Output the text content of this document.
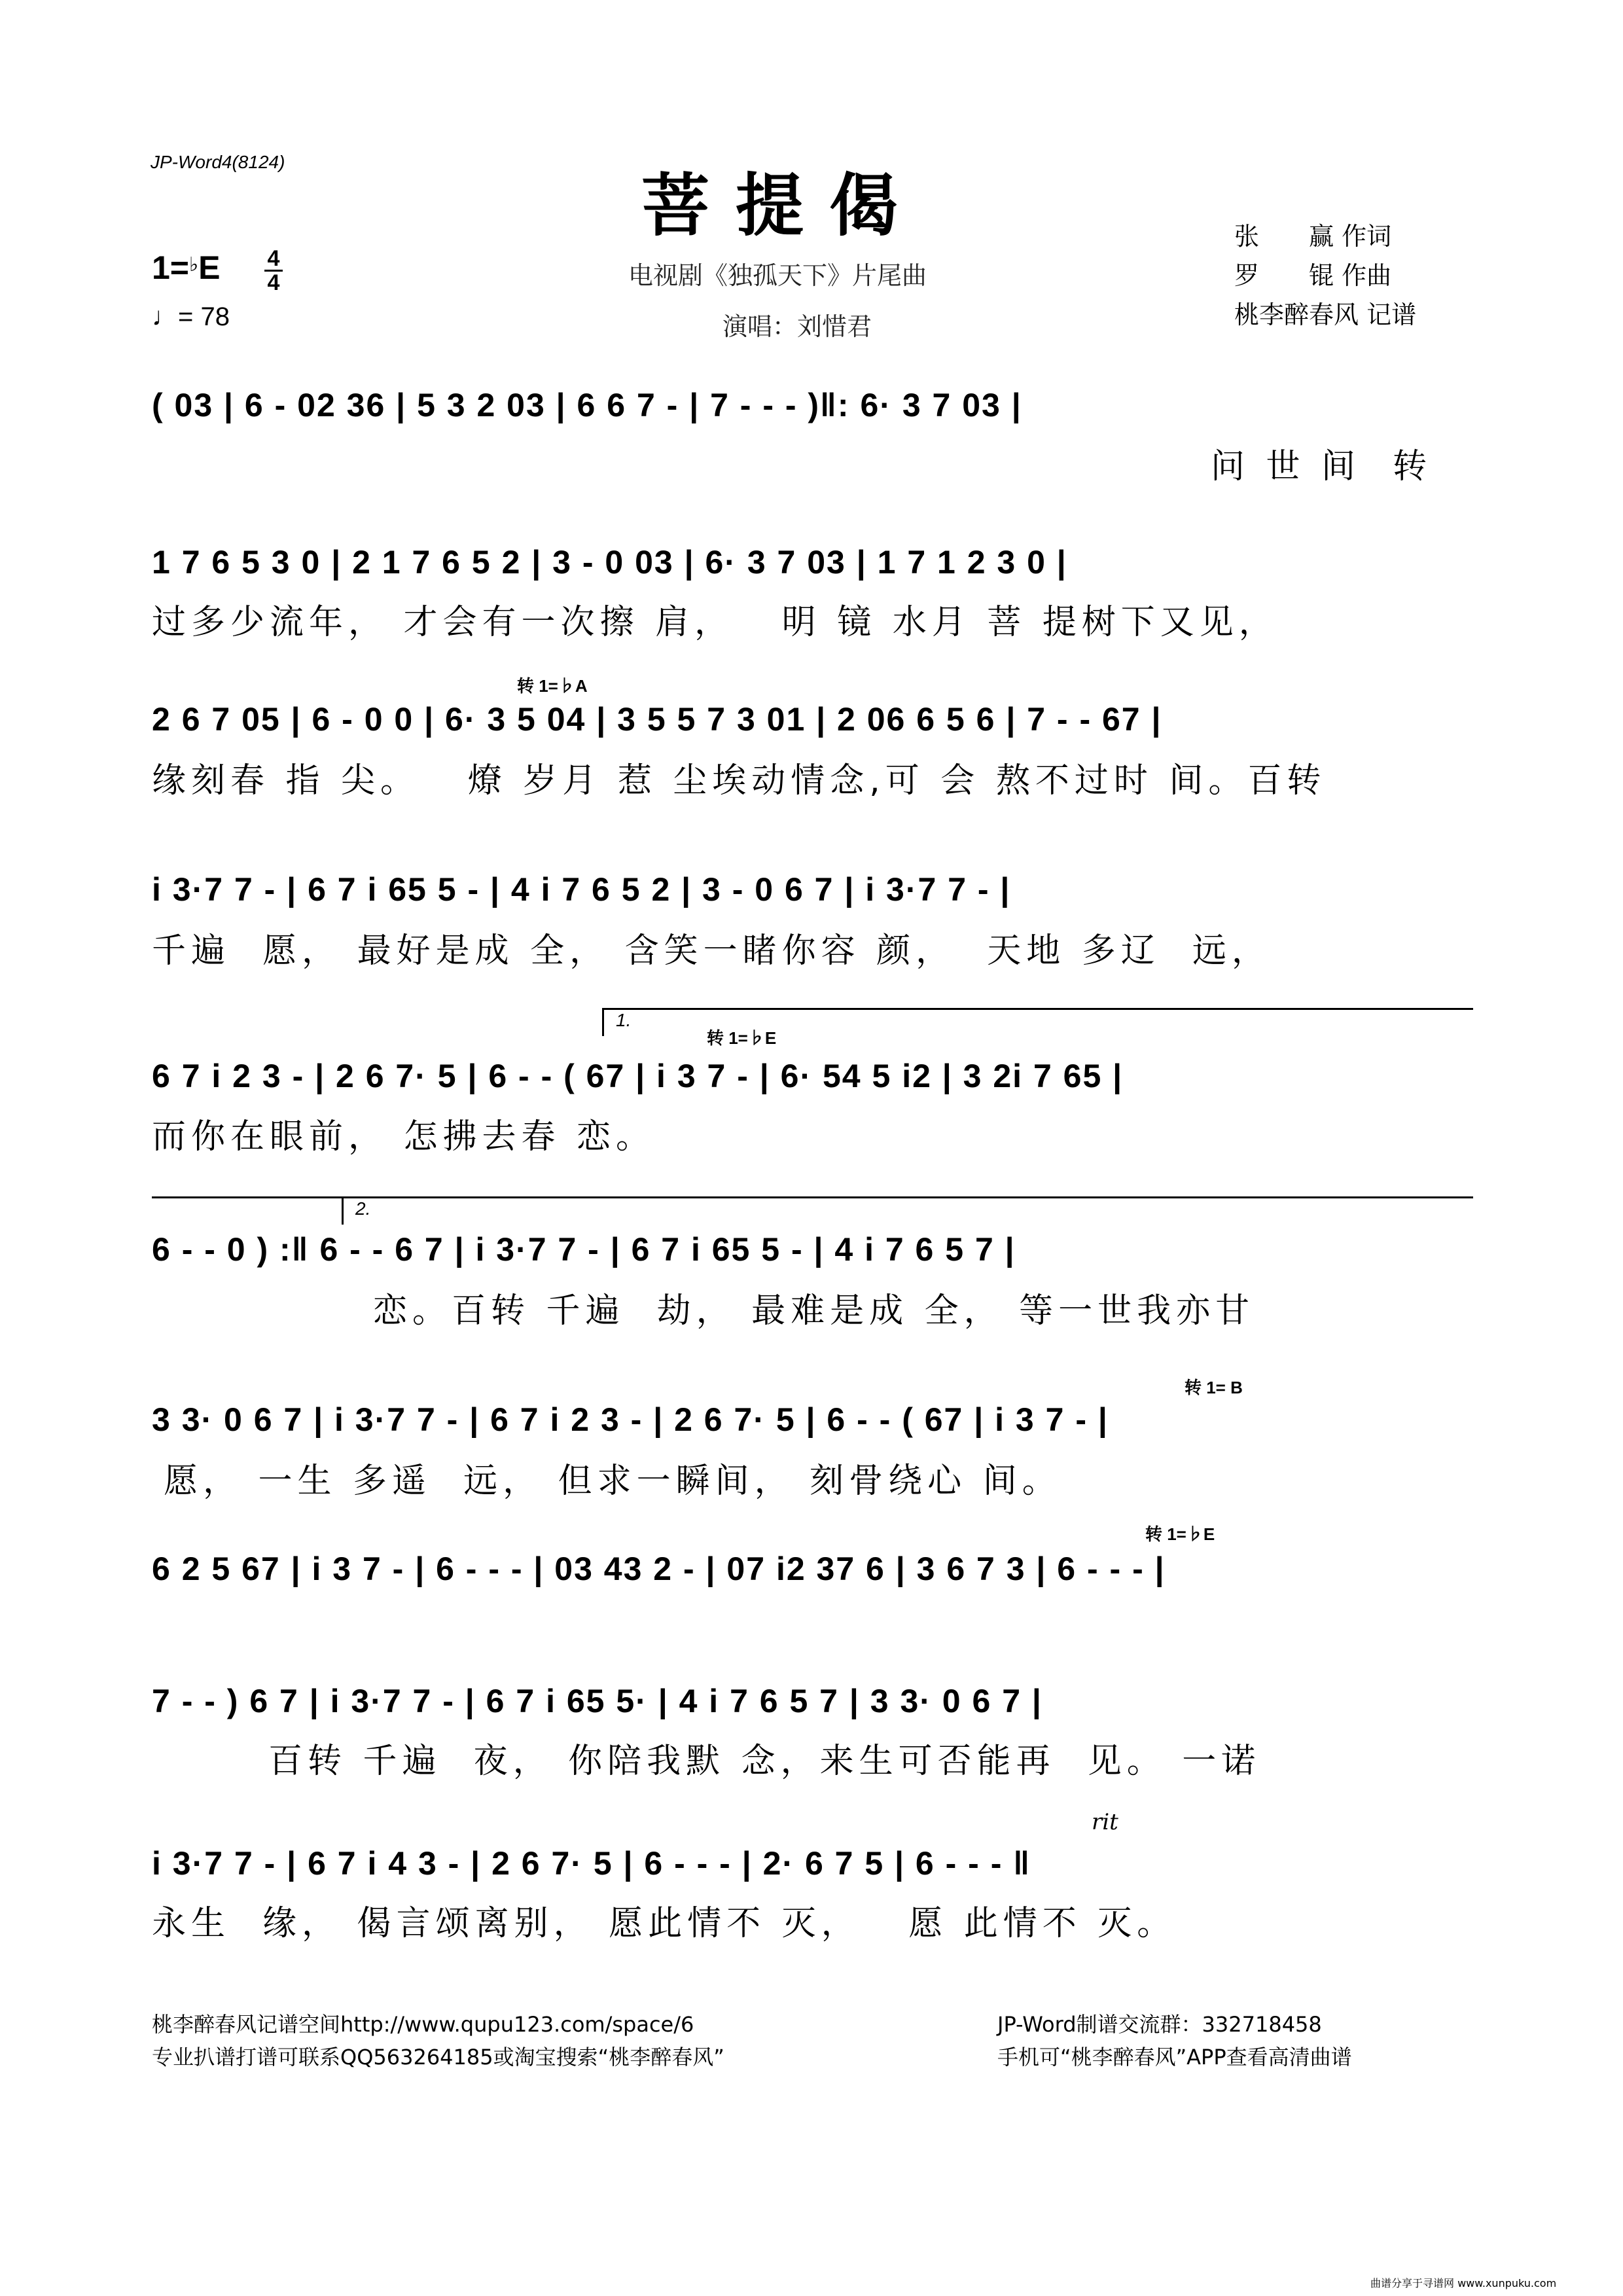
JP-Word4(8124)
菩提偈
电视剧《独孤天下》片尾曲
演唱：刘惜君
张　　赢 作词
罗　　锟 作曲
桃李醉春风 记谱
1=♭E 4
4
♩= 78
( 03 | 6 - 02 36 | 5 3 2 03 | 6 6 7 - | 7 - - - )‖: 6· 3 7 03 |
问 世 间  转
1 7 6 5 3 0 | 2 1 7 6 5 2 | 3 - 0 03 | 6· 3 7 03 | 1 7 1 2 3 0 |
过多少流年， 才会有一次擦 肩，   明 镜 水月 菩 提树下又见，
转 1=♭A
2 6 7 05 | 6 - 0 0 | 6· 3 5 04 | 3 5 5 7 3 01 | 2 06 6 5 6 | 7 - - 67 |
缘刻春 指 尖。   燎 岁月 惹 尘埃动情念,可 会 熬不过时 间。百转
i 3·7 7 - | 6 7 i 65 5 - | 4 i 7 6 5 2 | 3 - 0 6 7 | i 3·7 7 - |
千遍  愿， 最好是成 全， 含笑一睹你容 颜，  天地 多辽  远，
1.
转 1=♭E
6 7 i 2 3 - | 2 6 7· 5 | 6 - - ( 67 | i 3 7 - | 6· 54 5 i2 | 3 2i 7 65 |
而你在眼前， 怎拂去春 恋。
2.
6 - - 0 ) :‖ 6 - - 6 7 | i 3·7 7 - | 6 7 i 65 5 - | 4 i 7 6 5 7 |
恋。百转 千遍  劫， 最难是成 全， 等一世我亦甘
转 1= B
3 3· 0 6 7 | i 3·7 7 - | 6 7 i 2 3 - | 2 6 7· 5 | 6 - - ( 67 | i 3 7 - |
愿， 一生 多遥  远， 但求一瞬间， 刻骨绕心 间。
转 1=♭E
6 2 5 67 | i 3 7 - | 6 - - - | 03 43 2 - | 07 i2 37 6 | 3 6 7 3 | 6 - - - |
7 - - ) 6 7 | i 3·7 7 - | 6 7 i 65 5· | 4 i 7 6 5 7 | 3 3· 0 6 7 |
百转 千遍  夜， 你陪我默 念，来生可否能再  见。 一诺
rit
i 3·7 7 - | 6 7 i 4 3 - | 2 6 7· 5 | 6 - - - | 2· 6 7 5 | 6 - - - ‖
永生  缘， 偈言颂离别， 愿此情不 灭，   愿 此情不 灭。
桃李醉春风记谱空间http://www.qupu123.com/space/6
专业扒谱打谱可联系QQ563264185或淘宝搜索“桃李醉春风”
JP-Word制谱交流群：332718458
手机可“桃李醉春风”APP查看高清曲谱
曲谱分享于寻谱网 www.xunpuku.com
